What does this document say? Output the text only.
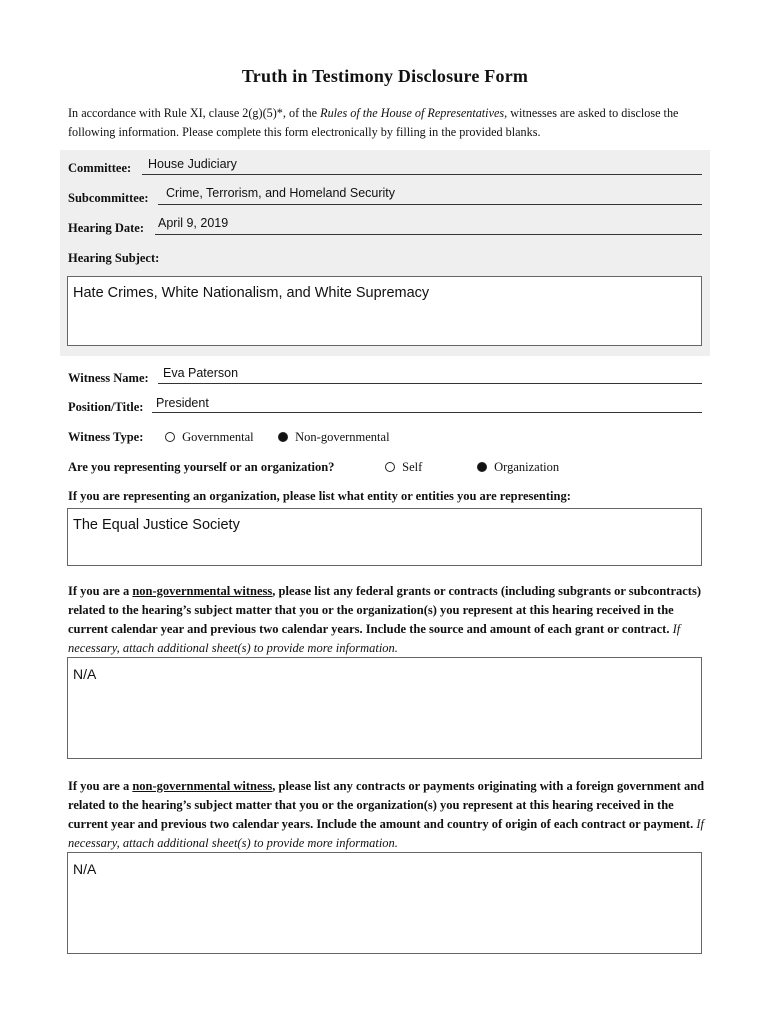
Truth in Testimony Disclosure Form
In accordance with Rule XI, clause 2(g)(5)*, of the Rules of the House of Representatives, witnesses are asked to disclose the following information. Please complete this form electronically by filling in the provided blanks.
Committee: House Judiciary
Subcommittee: Crime, Terrorism, and Homeland Security
Hearing Date: April 9, 2019
Hearing Subject:
Hate Crimes, White Nationalism, and White Supremacy
Witness Name: Eva Paterson
Position/Title: President
Witness Type:	Governmental	Non-governmental
Are you representing yourself or an organization?	Self	Organization
If you are representing an organization, please list what entity or entities you are representing:
The Equal Justice Society
If you are a non-governmental witness, please list any federal grants or contracts (including subgrants or subcontracts) related to the hearing’s subject matter that you or the organization(s) you represent at this hearing received in the current calendar year and previous two calendar years. Include the source and amount of each grant or contract. If necessary, attach additional sheet(s) to provide more information.
N/A
If you are a non-governmental witness, please list any contracts or payments originating with a foreign government and related to the hearing’s subject matter that you or the organization(s) you represent at this hearing received in the current year and previous two calendar years. Include the amount and country of origin of each contract or payment. If necessary, attach additional sheet(s) to provide more information.
N/A
